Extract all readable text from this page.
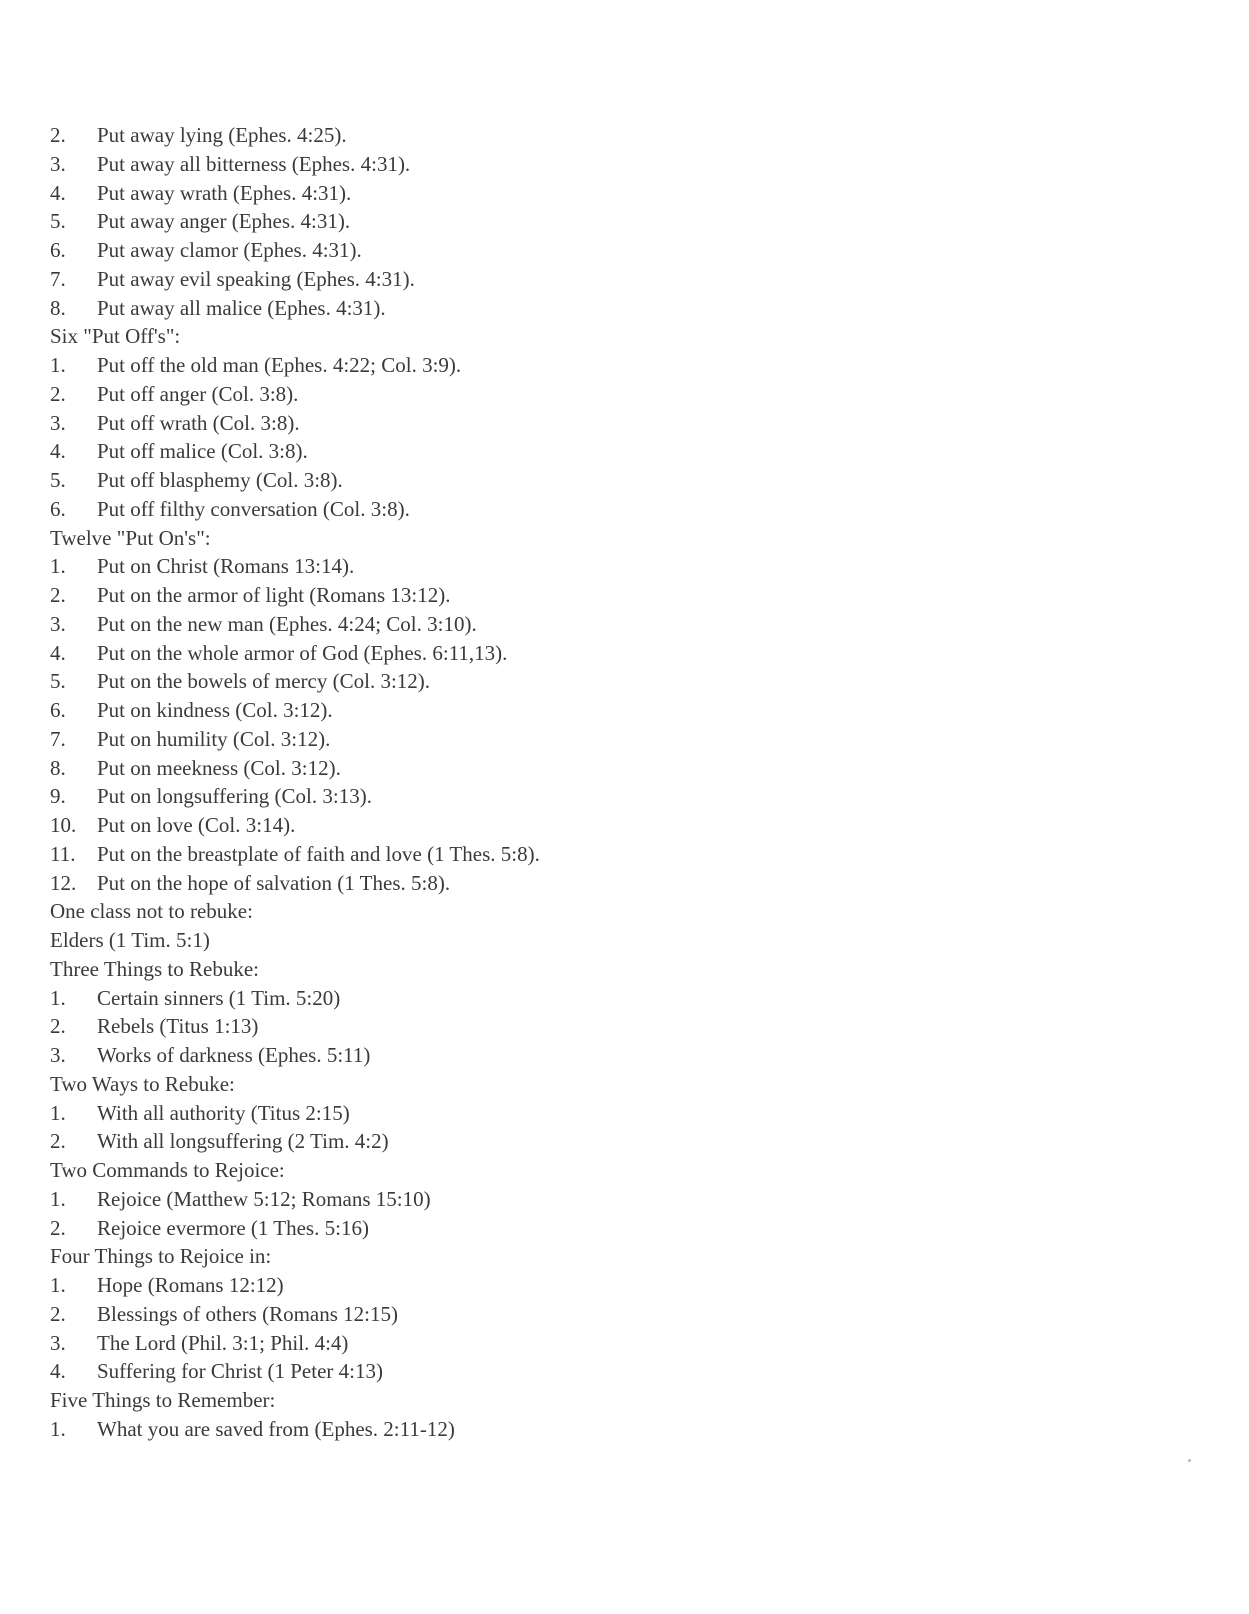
2. Put away lying (Ephes. 4:25).
3. Put away all bitterness (Ephes. 4:31).
4. Put away wrath (Ephes. 4:31).
5. Put away anger (Ephes. 4:31).
6. Put away clamor (Ephes. 4:31).
7. Put away evil speaking (Ephes. 4:31).
8. Put away all malice (Ephes. 4:31).
Six "Put Off's":
1. Put off the old man (Ephes. 4:22; Col. 3:9).
2. Put off anger (Col. 3:8).
3. Put off wrath (Col. 3:8).
4. Put off malice (Col. 3:8).
5. Put off blasphemy (Col. 3:8).
6. Put off filthy conversation (Col. 3:8).
Twelve "Put On's":
1. Put on Christ (Romans 13:14).
2. Put on the armor of light (Romans 13:12).
3. Put on the new man (Ephes. 4:24; Col. 3:10).
4. Put on the whole armor of God (Ephes. 6:11,13).
5. Put on the bowels of mercy (Col. 3:12).
6. Put on kindness (Col. 3:12).
7. Put on humility (Col. 3:12).
8. Put on meekness (Col. 3:12).
9. Put on longsuffering (Col. 3:13).
10. Put on love (Col. 3:14).
11. Put on the breastplate of faith and love (1 Thes. 5:8).
12. Put on the hope of salvation (1 Thes. 5:8).
One class not to rebuke:
Elders (1 Tim. 5:1)
Three Things to Rebuke:
1. Certain sinners (1 Tim. 5:20)
2. Rebels (Titus 1:13)
3. Works of darkness (Ephes. 5:11)
Two Ways to Rebuke:
1. With all authority (Titus 2:15)
2. With all longsuffering (2 Tim. 4:2)
Two Commands to Rejoice:
1. Rejoice (Matthew 5:12; Romans 15:10)
2. Rejoice evermore (1 Thes. 5:16)
Four Things to Rejoice in:
1. Hope (Romans 12:12)
2. Blessings of others (Romans 12:15)
3. The Lord (Phil. 3:1; Phil. 4:4)
4. Suffering for Christ (1 Peter 4:13)
Five Things to Remember:
1. What you are saved from (Ephes. 2:11-12)
